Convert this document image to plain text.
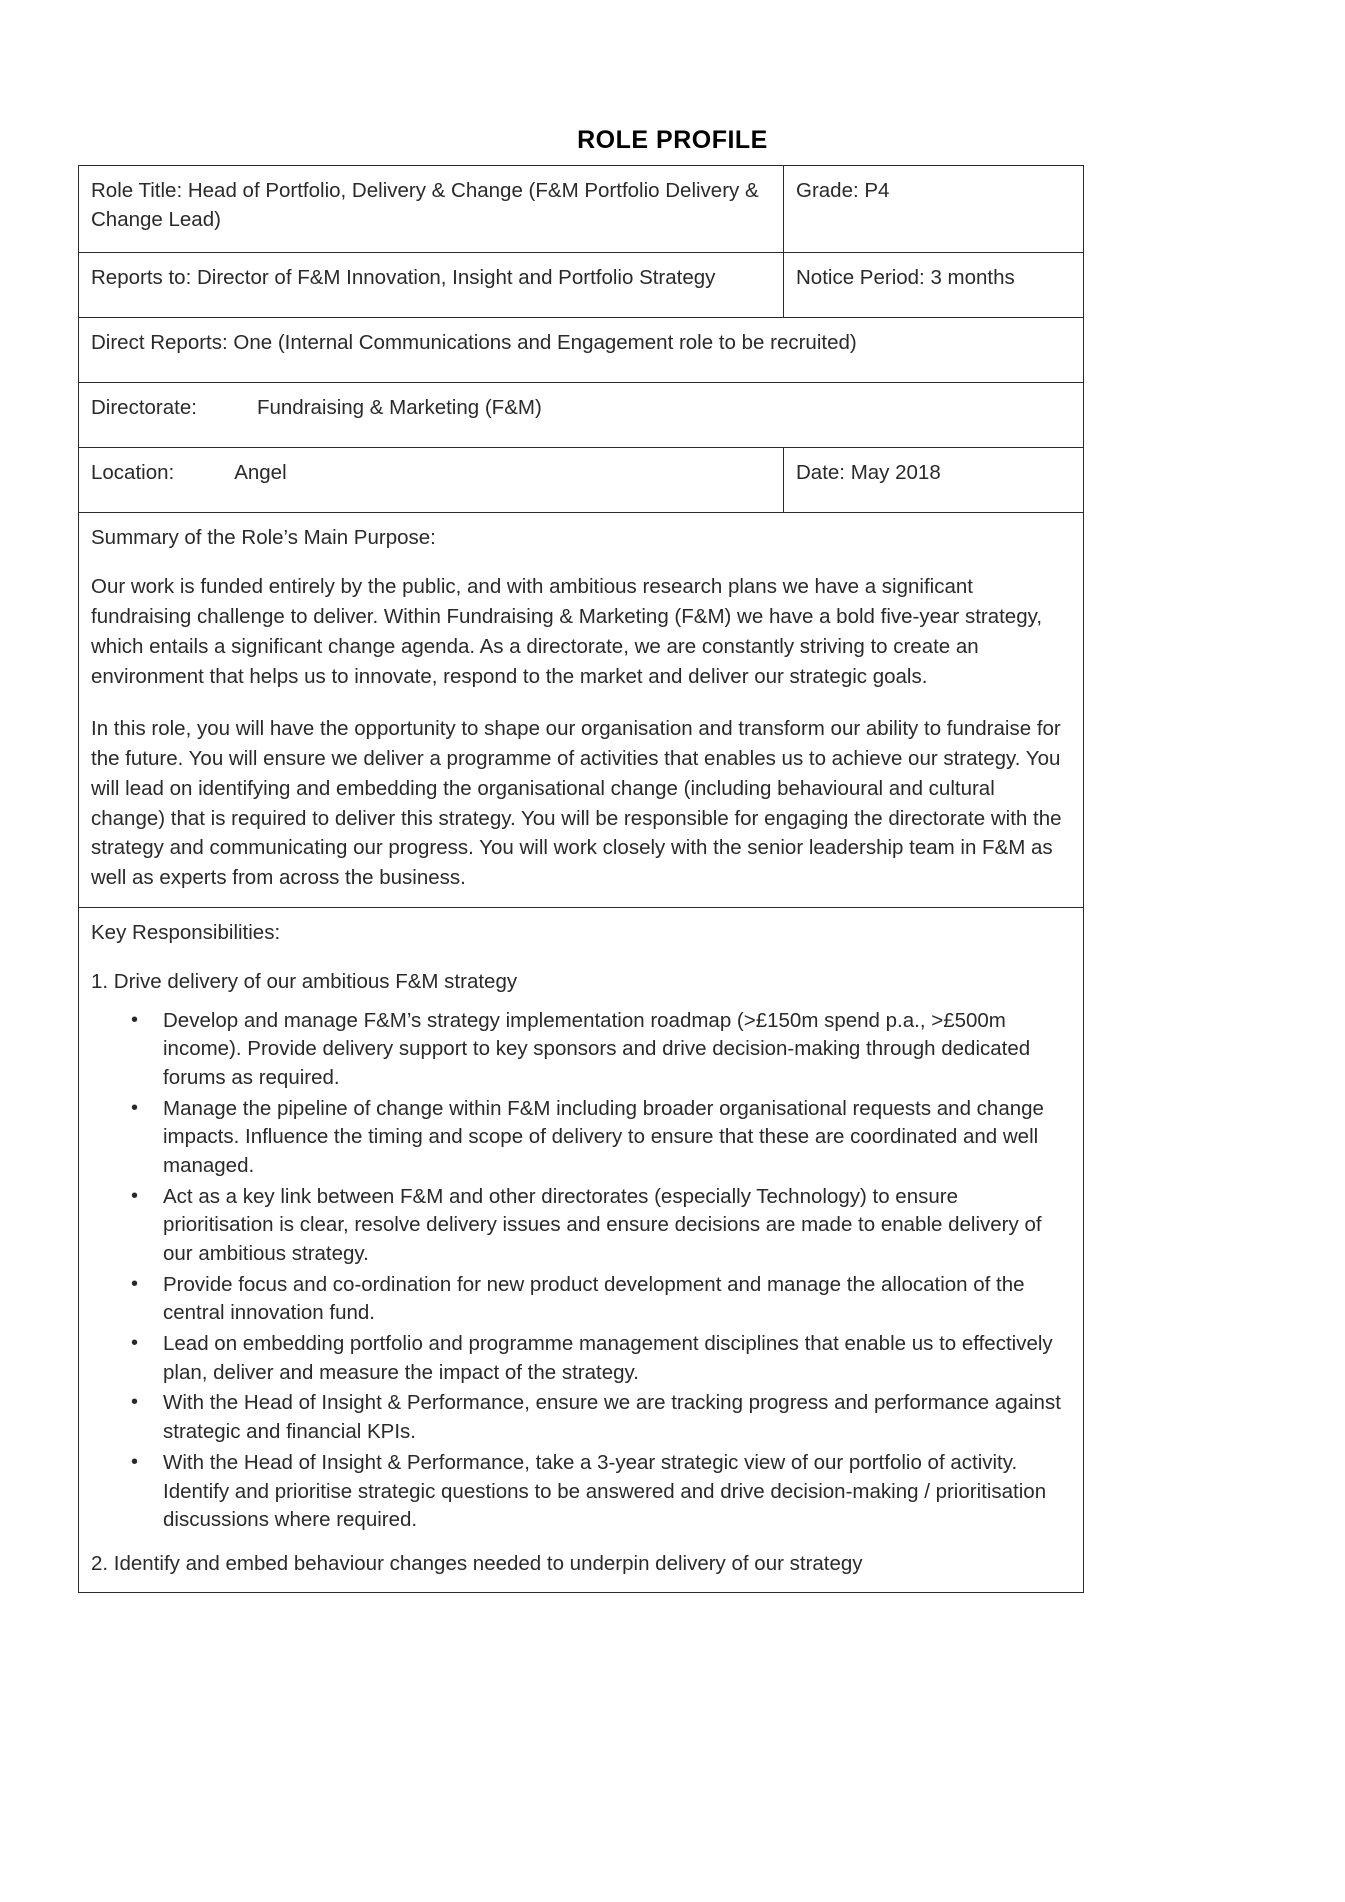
ROLE PROFILE
Role Title: Head of Portfolio, Delivery & Change (F&M Portfolio Delivery & Change Lead)	Grade: P4
Reports to: Director of F&M Innovation, Insight and Portfolio Strategy	Notice Period: 3 months
Direct Reports: One (Internal Communications and Engagement role to be recruited)	
Directorate: Fundraising & Marketing (F&M)	
Location: Angel	Date: May 2018

Summary of the Role’s Main Purpose:

Our work is funded entirely by the public, and with ambitious research plans we have a significant fundraising challenge to deliver. Within Fundraising & Marketing (F&M) we have a bold five-year strategy, which entails a significant change agenda. As a directorate, we are constantly striving to create an environment that helps us to innovate, respond to the market and deliver our strategic goals.

In this role, you will have the opportunity to shape our organisation and transform our ability to fundraise for the future. You will ensure we deliver a programme of activities that enables us to achieve our strategy. You will lead on identifying and embedding the organisational change (including behavioural and cultural change) that is required to deliver this strategy. You will be responsible for engaging the directorate with the strategy and communicating our progress. You will work closely with the senior leadership team in F&M as well as experts from across the business.	

Key Responsibilities:
1. Drive delivery of our ambitious F&M strategy
• Develop and manage F&M’s strategy implementation roadmap (>£150m spend p.a., >£500m income). Provide delivery support to key sponsors and drive decision-making through dedicated forums as required.
• Manage the pipeline of change within F&M including broader organisational requests and change impacts. Influence the timing and scope of delivery to ensure that these are coordinated and well managed.
• Act as a key link between F&M and other directorates (especially Technology) to ensure prioritisation is clear, resolve delivery issues and ensure decisions are made to enable delivery of our ambitious strategy.
• Provide focus and co-ordination for new product development and manage the allocation of the central innovation fund.
• Lead on embedding portfolio and programme management disciplines that enable us to effectively plan, deliver and measure the impact of the strategy.
• With the Head of Insight & Performance, ensure we are tracking progress and performance against strategic and financial KPIs.
• With the Head of Insight & Performance, take a 3-year strategic view of our portfolio of activity. Identify and prioritise strategic questions to be answered and drive decision-making / prioritisation discussions where required.
2. Identify and embed behaviour changes needed to underpin delivery of our strategy
